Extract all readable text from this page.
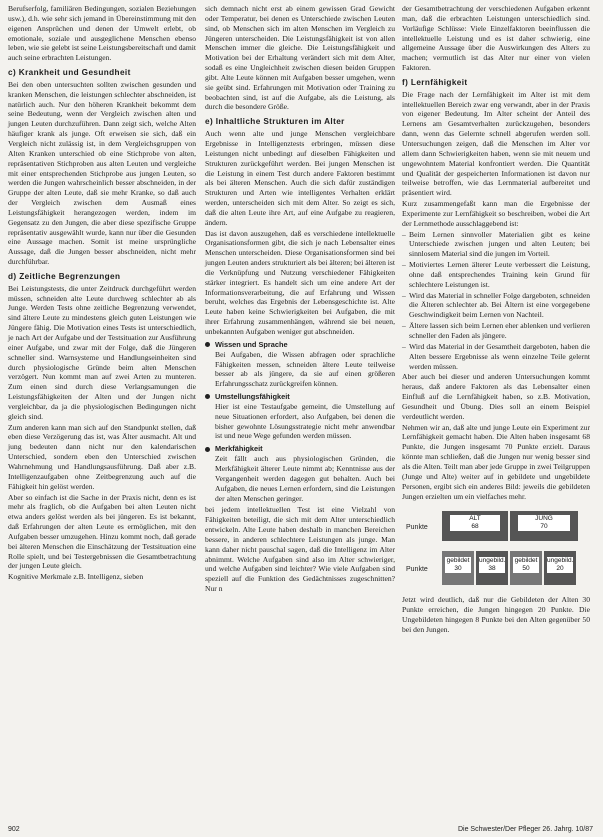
Berufserfolg, familiären Bedingungen, sozialen Beziehungen usw.), d.h. wie sehr sich jemand in Übereinstimmung mit den eigenen Ansprüchen und denen der Umwelt erlebt, ob emotionale, soziale und ausgeglichene Menschen ebenso leben, wie sie gelebt ist seine Leistungsbereitschaft und damit auch seine erbrachten Leistungen.

c) Krankheit und Gesundheit

Bei den oben untersuchten sollten zwischen gesunden und kranken Menschen, die leistungen schlechter abschneiden, ist natürlich auch. Nur den höheren Krankheit bekommt dem seine Bedeutung, wenn der Vergleich zwischen alten und jungen Leuten durchzuführen. Dann zeigt sich, welche Alten häufiger krank als junge. Oft erweisen sie sich, daß ein Vergleich nicht zulässig ist, in dem Vergleichsgruppen von Alten Kranken unterschied ob eine Stichprobe von alten, repräsentativen Stichproben aus alten Leuten und vergleiche mit einer entsprechenden Stichprobe aus jungen Leuten, so werden die Jungen wahrscheinlich besser abschneiden, in der Gruppe der alten Leute, daß sie mehr Kranke, so daß auch der Vergleich zwischen dem Ausmaß eines Leistungsfähigkeit herangezogen werden, indem im Gegensatz zu den Jungen, die aber diese spezifische Gruppe repräsentativ ausgewählt wurde, kann nur über die Gesunden eine Aussage machen. Somit ist meine ursprüngliche Aussage, daß die Jungen besser abschneiden, nicht mehr durchführbar.

d) Zeitliche Begrenzungen

Bei Leistungstests, die unter Zeitdruck durchgeführt werden müssen, schneiden alte Leute durchweg schlechter ab als Junge. Werden Tests ohne zeitliche Begrenzung verwendet, sind ältere Leute zu mindestens gleich guten Leistungen wie Jüngere fähig. Die Motivation eines Tests ist unterschiedlich, je nach Art der Aufgabe und der Testsituation zur Ausführung einer Aufgabe, und zwar mit der Folge, daß die Jüngeren schneller sind. Warnsysteme und Handlungseinheiten sind durch physiologische Gründe beim alten Menschen verzögert. Nun kommt man auf zwei Arten zu munteren. Zum einen sind durch diese Verlangsamungen die Leistungsfähigkeiten der Alten und der Jungen nicht vergleichbar, da ja die physiologischen Bedingungen nicht gleich sind.

Zum anderen kann man sich auf den Standpunkt stellen, daß eben diese Verzögerung das ist, was Älter ausmacht. Alt und jung bedeuten dann nicht nur den kalendarischen Unterschied, sondern eben den Unterschied zwischen Wahrnehmung und Handlungsausführung. Daß aber z.B. Intelligenzaufgaben ohne Zeitbegrenzung auch auf die Fähigkeit hin gelöst werden.

Aber so einfach ist die Sache in der Praxis nicht, denn es ist mehr als fraglich, ob die Aufgaben bei alten Leuten nicht etwa anders gelöst werden als bei jüngeren. Es ist bekannt, daß Erfahrungen der alten Leute es ermöglichen, mit den Aufgaben besser umzugehen. Hinzu kommt noch, daß gerade bei älteren Menschen die Einschätzung der Testsituation eine Rolle spielt, und bei Testergebnissen die Gesamtbetrachtung der jungen Leute gleich.

Kognitive Merkmale z.B. Intelligenz, sieben

sich demnach nicht erst ab einem gewissen Grad Gewicht oder Temperatur, bei denen es Unterschiede zwischen Leuten sind, ob Menschen sich im alten Menschen im Vergleich zu Jüngeren unterscheiden. Die Leistungsfähigkeit ist von allen Menschen immer die gleiche. Die Leistungsfähigkeit und Motivation bei der Erhaltung verändert sich mit dem Alter, sodaß es eine Ungleichheit zwischen diesen beiden Gruppen gibt. Alte Leute können mit Aufgaben besser umgehen, wenn sie geübt sind. Erfahrungen mit Motivation oder Training zu beobachten sind, ist auf die Aufgabe, als die Leistung, als durch die besondere Größe.

e) Inhaltliche Strukturen im Alter

Auch wenn alte und junge Menschen vergleichbare Ergebnisse in Intelligenztests erbringen, müssen diese Leistungen nicht unbedingt auf dieselben Fähigkeiten und Strukturen zurückgeführt werden. Bei jungen Menschen ist die Leistung in einem Test durch andere Faktoren bestimmt als bei älteren Menschen. Auch die sich dafür zuständigen Strukturen und Arten wie intelligentes Verhalten erklärt werden, unterscheiden sich mit dem Alter. So zeigt es sich, daß die alten Leute ihre Art, auf eine Aufgabe zu reagieren, ändern.

Das ist davon auszugehen, daß es verschiedene intellektuelle Organisationsformen gibt, die sich je nach Lebensalter eines Menschen unterscheiden. Diese Organisationsformen sind bei jungen Leuten anders strukturiert als bei älteren; bei älteren ist die Verknüpfung und Nutzung verschiedener Fähigkeiten stärker integriert. Es handelt sich um eine andere Art der Informationsverarbeitung, die auf Erfahrung und Wissen beruht, welches das Ergebnis der Lebensgeschichte ist. Alte Leute haben keine Schwierigkeiten bei Aufgaben, die mit ihrer Erfahrung zusammenhängen, während sie bei neuen, unbekannten Aufgaben weniger gut abschneiden.

Wissen und Sprache

Bei Aufgaben, die Wissen abfragen oder sprachliche Fähigkeiten messen, schneiden ältere Leute teilweise besser ab als jüngere, da sie auf einen größeren Erfahrungsschatz zurückgreifen können.

Umstellungsfähigkeit

Hier ist eine Testaufgabe gemeint, die Umstellung auf neue Situationen erfordert, also Aufgaben, bei denen die bisher gewohnte Lösungsstrategie nicht mehr anwendbar ist und neue Wege gefunden werden müssen.

Merkfähigkeit

Zeit fällt auch aus physiologischen Gründen, die Merkfähigkeit älterer Leute nimmt ab; Kenntnisse aus der Vergangenheit werden dagegen gut behalten. Auch bei Aufgaben, die neues Lernen erfordern, sind die Leistungen der alten Menschen geringer.

bei jedem intellektuellen Test ist eine Vielzahl von Fähigkeiten beteiligt, die sich mit dem Alter unterschiedlich entwickeln. Alte Leute haben deshalb in manchen Bereichen bessere, in anderen schlechtere Leistungen als junge. Man kann daher nicht pauschal sagen, daß die Intelligenz im Alter abnimmt. Welche Aufgaben sind also im Alter schwieriger, und welche Aufgaben sind leichter? Wie viele Aufgaben sind speziell auf die Funktion des Gedächtnisses zugeschnitten? Nur n

der Gesamtbetrachtung der verschiedenen Aufgaben erkennt man, daß die erbrachten Leistungen unterschiedlich sind. Vorläufige Schlüsse: Viele Einzelfaktoren beeinflussen die intellektuelle Leistung und es ist daher schwierig, eine allgemeine Aussage über die Auswirkungen des Alters zu machen; vermutlich ist das Alter nur einer von vielen Faktoren.

f) Lernfähigkeit

Die Frage nach der Lernfähigkeit im Alter ist mit dem intellektuellen Bereich zwar eng verwandt, aber in der Praxis von eigener Bedeutung. Im Alter scheint der Anteil des Lernens am Gesamtverhalten zurückzugehen, besonders dann, wenn das Gelernte schnell abgerufen werden soll. Untersuchungen zeigen, daß die Menschen im Alter vor allem dann Schwierigkeiten haben, wenn sie mit neuem und ungewohntem Material konfrontiert werden. Die Quantität und Qualität der gespeicherten Informationen ist davon nur teilweise betroffen, wie das Lernmaterial aufbereitet und präsentiert wird.

Kurz zusammengefaßt kann man die Ergebnisse der Experimente zur Lernfähigkeit so beschreiben, wobei die Art der Lernmethode ausschlaggebend ist:

– Beim Lernen sinnvoller Materialien gibt es keine Unterschiede zwischen jungen und alten Leuten; bei sinnlosem Material sind die jungen im Vorteil.
– Motiviertes Lernen älterer Leute verbessert die Leistung, ohne daß entsprechendes Training kein Grund für schlechtere Leistungen ist.
– Wird das Material in schneller Folge dargeboten, schneiden die Älteren schlechter ab. Bei Ältern ist eine vorgegebene Geschwindigkeit beim Lernen von Nachteil.
– Ältere lassen sich beim Lernen eher ablenken und verlieren schneller den Faden als jüngere.
– Wird das Material in der Gesamtheit dargeboten, haben die Alten bessere Ergebnisse als wenn einzelne Teile gelernt werden müssen.

Aber auch bei dieser und anderen Untersuchungen kommt heraus, daß andere Faktoren als das Lebensalter einen Einfluß auf die Lernfähigkeit haben, so z.B. Motivation, Gesundheit und Übung. Dies soll an einem Beispiel verdeutlicht werden.

Nehmen wir an, daß alte und junge Leute ein Experiment zur Lernfähigkeit gemacht haben. Die Alten haben insgesamt 68 Punkte, die Jungen insgesamt 70 Punkte erzielt. Daraus könnte man schließen, daß die Jungen nur wenig besser sind als die Alten. Teilt man aber jede Gruppe in zwei Teilgruppen (Junge und Alte) weiter auf in gebildete und ungebildete Personen, ergibt sich ein anderes Bild: jeweils die gebildeten Jungen erzielten um ein vielfaches mehr.

Punkte
Punkte
ALT

68
JUNG

70
gebildet
30
ungebild.
38
gebildet
50
ungebild.
20

Jetzt wird deutlich, daß nur die Gebildeten der Alten 30 Punkte erreichen, die Jungen hingegen 20 Punkte. Die Ungebildeten hingegen 8 Punkte bei den Alten gegenüber 50 bei den Jungen.

902	Die Schwester/Der Pfleger 26. Jahrg. 10/87
